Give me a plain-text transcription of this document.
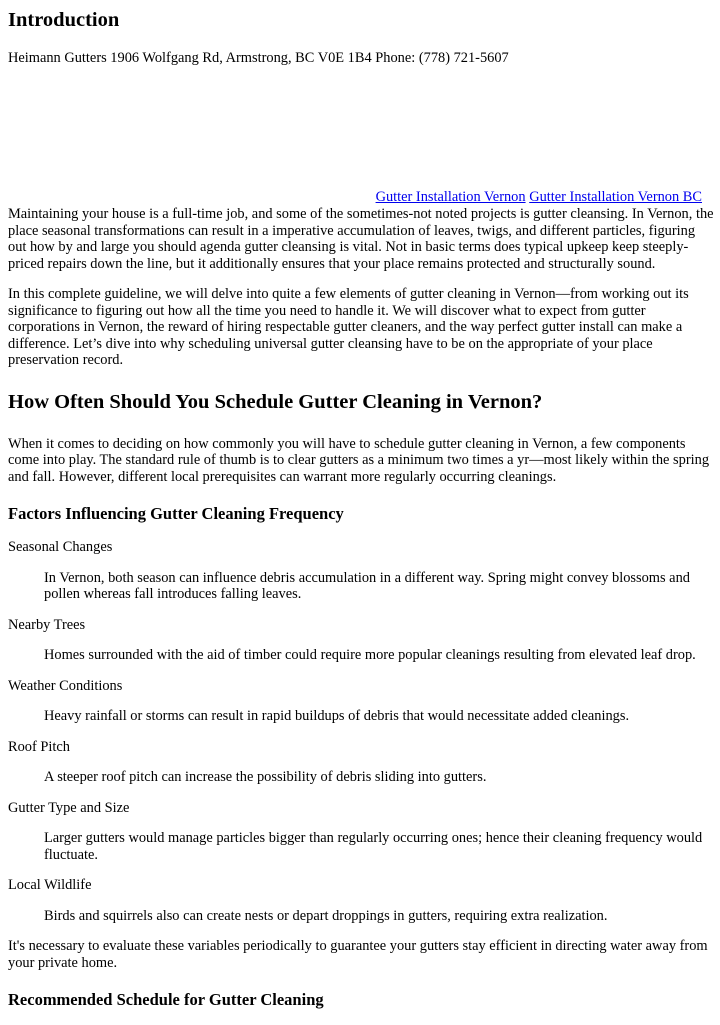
Introduction

Heimann Gutters 1906 Wolfgang Rd, Armstrong, BC V0E 1B4 Phone: (778) 721-5607

Gutter Installation Vernon Gutter Installation Vernon BC

Maintaining your house is a full-time job, and some of the sometimes-not noted projects is gutter cleansing. In Vernon, the place seasonal transformations can result in a imperative accumulation of leaves, twigs, and different particles, figuring out how by and large you should agenda gutter cleansing is vital. Not in basic terms does typical upkeep keep steeply-priced repairs down the line, but it additionally ensures that your place remains protected and structurally sound.

In this complete guideline, we will delve into quite a few elements of gutter cleaning in Vernon—from working out its significance to figuring out how all the time you need to handle it. We will discover what to expect from gutter corporations in Vernon, the reward of hiring respectable gutter cleaners, and the way perfect gutter install can make a difference. Let’s dive into why scheduling universal gutter cleansing have to be on the appropriate of your place preservation record.

How Often Should You Schedule Gutter Cleaning in Vernon?

When it comes to deciding on how commonly you will have to schedule gutter cleaning in Vernon, a few components come into play. The standard rule of thumb is to clear gutters as a minimum two times a yr—most likely within the spring and fall. However, different local prerequisites can warrant more regularly occurring cleanings.

Factors Influencing Gutter Cleaning Frequency
Seasonal Changes
In Vernon, both season can influence debris accumulation in a different way. Spring might convey blossoms and pollen whereas fall introduces falling leaves.
Nearby Trees
Homes surrounded with the aid of timber could require more popular cleanings resulting from elevated leaf drop.
Weather Conditions
Heavy rainfall or storms can result in rapid buildups of debris that would necessitate added cleanings.
Roof Pitch
A steeper roof pitch can increase the possibility of debris sliding into gutters.
Gutter Type and Size
Larger gutters would manage particles bigger than regularly occurring ones; hence their cleaning frequency would fluctuate.
Local Wildlife
Birds and squirrels also can create nests or depart droppings in gutters, requiring extra realization.

It's necessary to evaluate these variables periodically to guarantee your gutters stay efficient in directing water away from your private home.

Recommended Schedule for Gutter Cleaning
